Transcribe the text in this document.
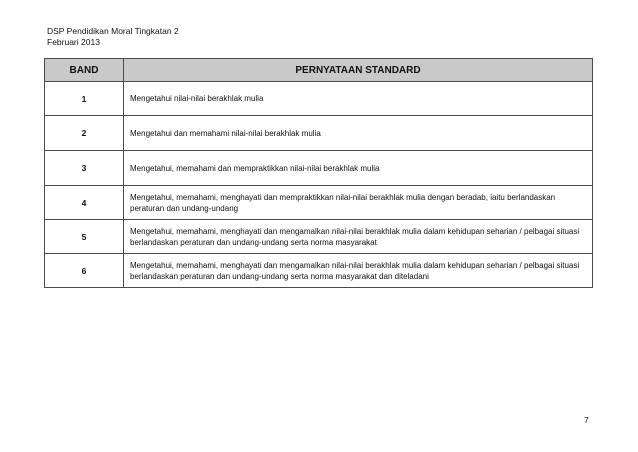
DSP Pendidikan Moral Tingkatan 2
Februari 2013
BAND	PERNYATAAN STANDARD
1	Mengetahui nilai-nilai berakhlak mulia
2	Mengetahui dan memahami nilai-nilai berakhlak mulia
3	Mengetahui, memahami dan mempraktikkan nilai-nilai berakhlak mulia
4	Mengetahui, memahami, menghayati dan mempraktikkan nilai-nilai berakhlak mulia dengan beradab, iaitu berlandaskan peraturan dan undang-undang
5	Mengetahui, memahami, menghayati dan mengamalkan nilai-nilai berakhlak mulia dalam kehidupan seharian / pelbagai situasi berlandaskan peraturan dan undang-undang serta norma masyarakat
6	Mengetahui, memahami, menghayati dan mengamalkan nilai-nilai berakhlak mulia dalam kehidupan seharian / pelbagai situasi berlandaskan peraturan dan undang-undang serta norma masyarakat dan diteladani
7
